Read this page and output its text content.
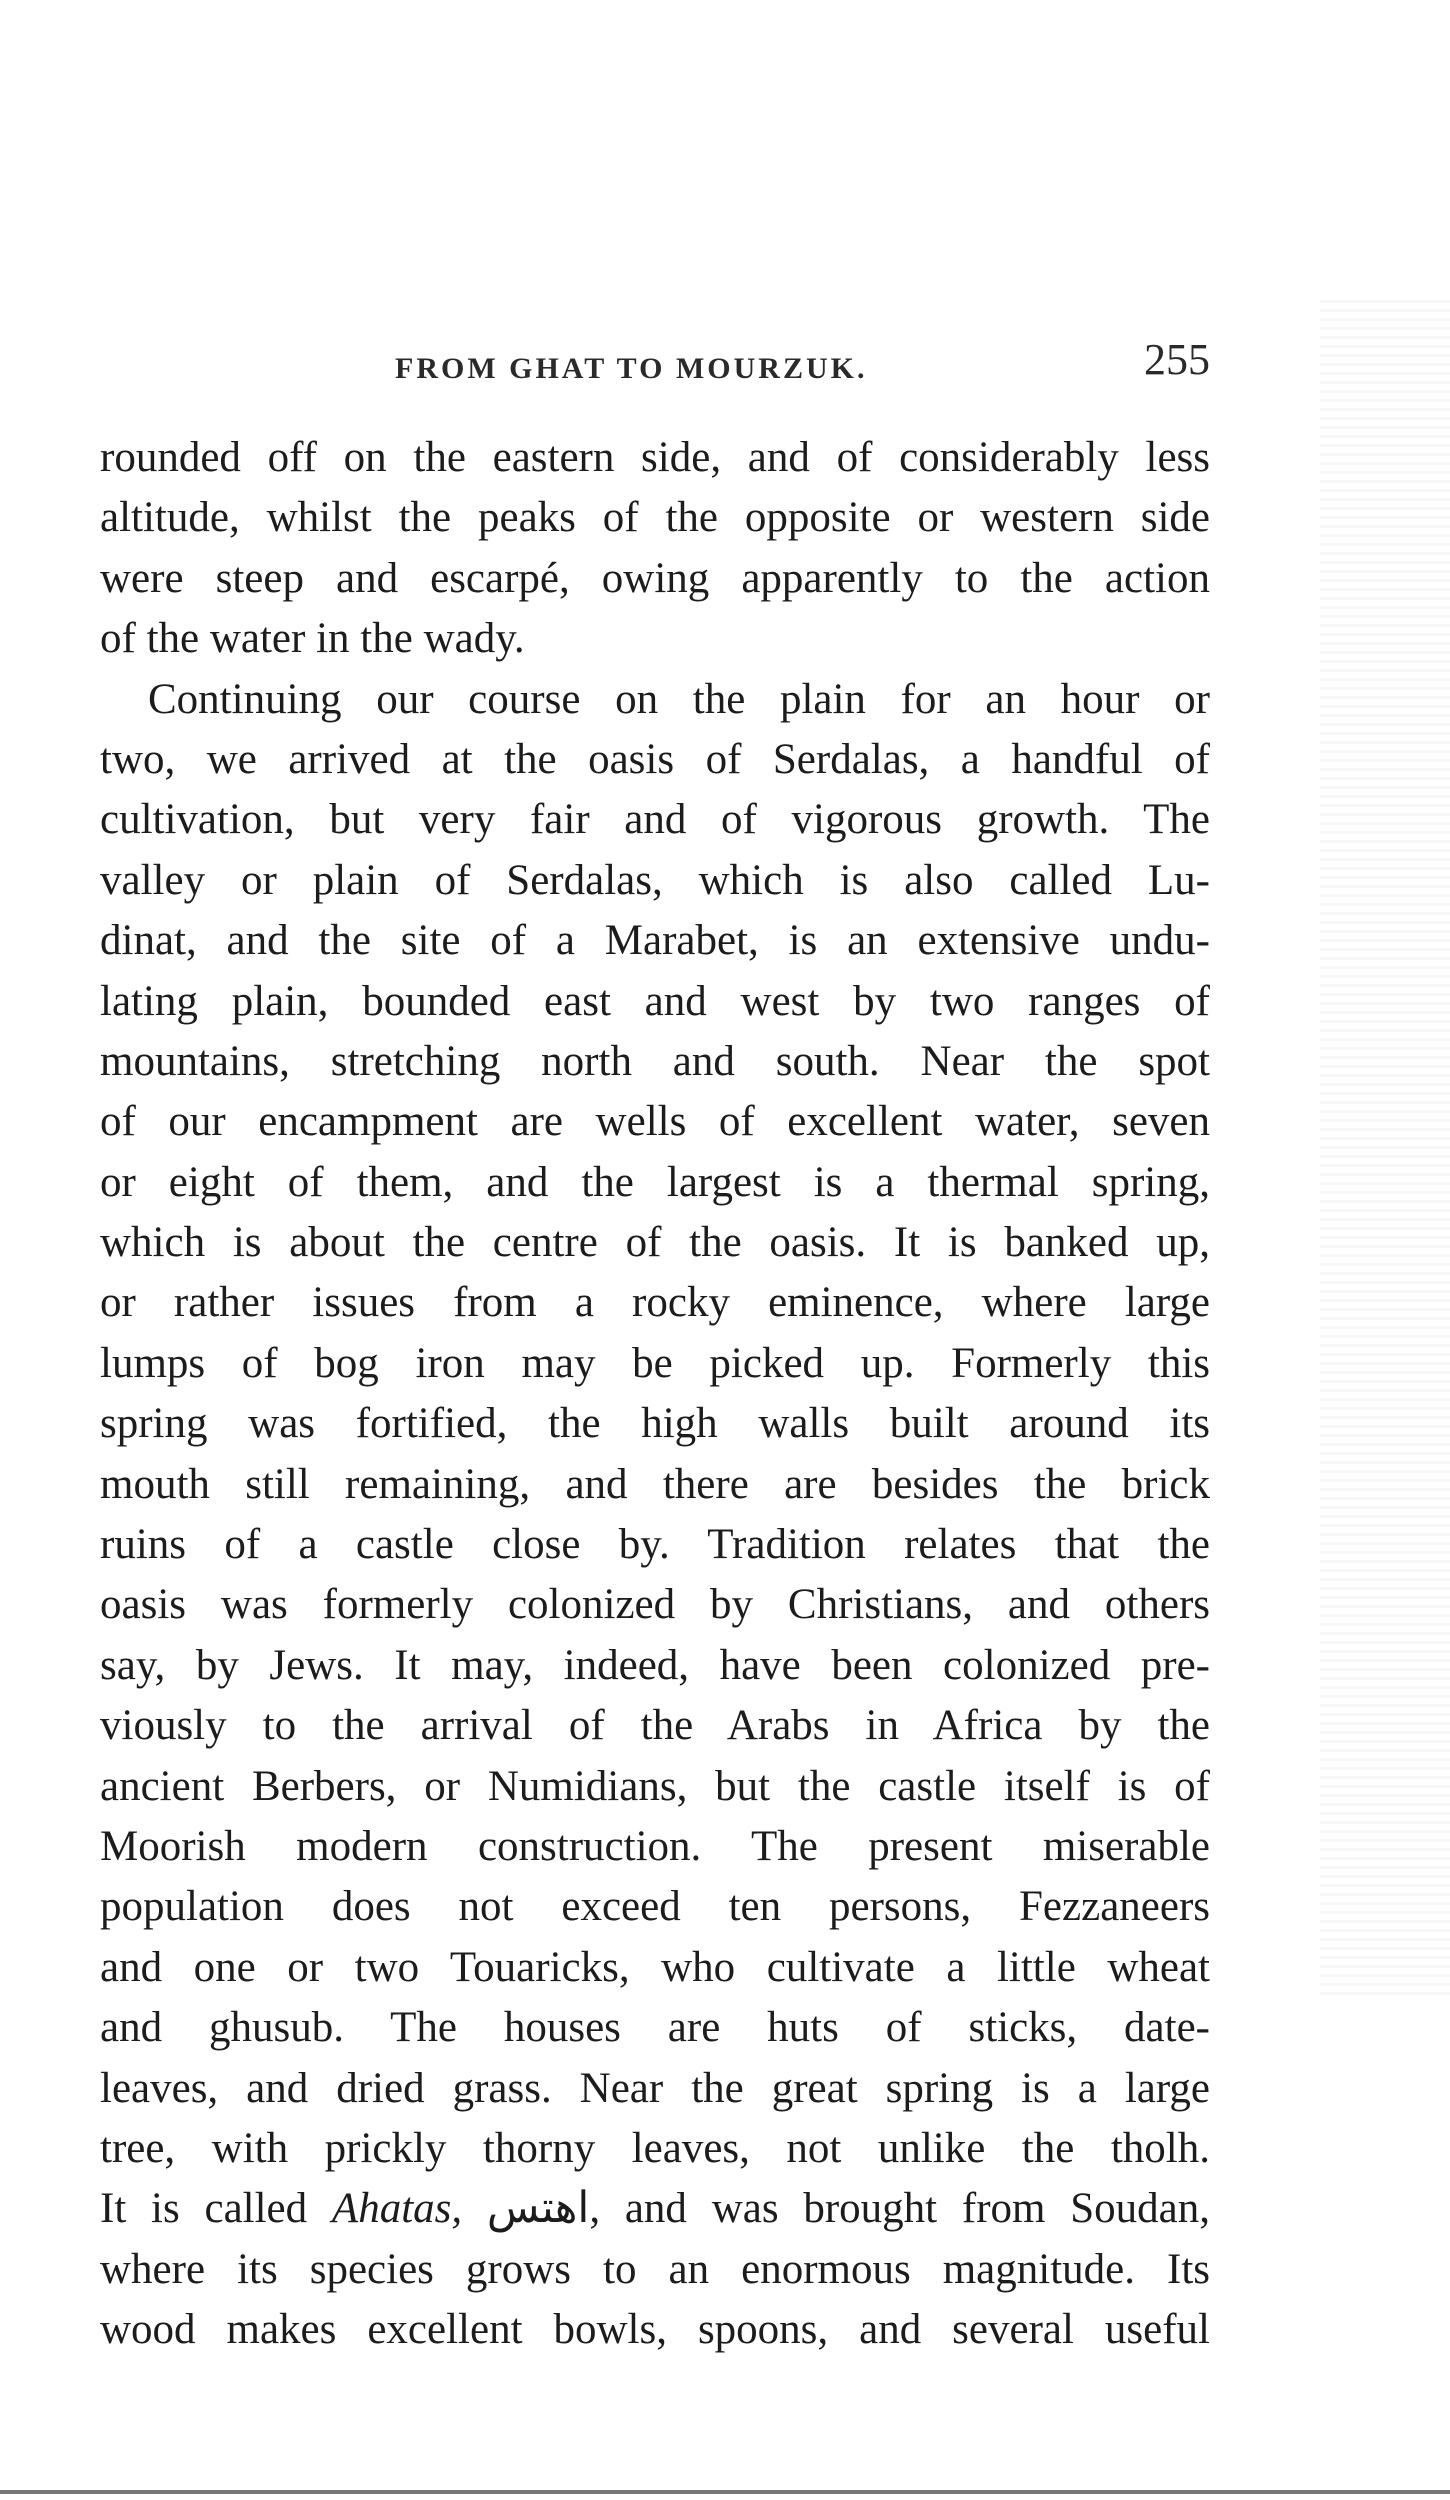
FROM GHAT TO MOURZUK.	255
rounded off on the eastern side, and of considerably less
altitude, whilst the peaks of the opposite or western side
were steep and escarpé, owing apparently to the action
of the water in the wady.
Continuing our course on the plain for an hour or
two, we arrived at the oasis of Serdalas, a handful of
cultivation, but very fair and of vigorous growth. The
valley or plain of Serdalas, which is also called Lu-
dinat, and the site of a Marabet, is an extensive undu-
lating plain, bounded east and west by two ranges of
mountains, stretching north and south. Near the spot
of our encampment are wells of excellent water, seven
or eight of them, and the largest is a thermal spring,
which is about the centre of the oasis. It is banked up,
or rather issues from a rocky eminence, where large
lumps of bog iron may be picked up. Formerly this
spring was fortified, the high walls built around its
mouth still remaining, and there are besides the brick
ruins of a castle close by. Tradition relates that the
oasis was formerly colonized by Christians, and others
say, by Jews. It may, indeed, have been colonized pre-
viously to the arrival of the Arabs in Africa by the
ancient Berbers, or Numidians, but the castle itself is of
Moorish modern construction. The present miserable
population does not exceed ten persons, Fezzaneers
and one or two Touaricks, who cultivate a little wheat
and ghusub. The houses are huts of sticks, date-
leaves, and dried grass. Near the great spring is a large
tree, with prickly thorny leaves, not unlike the tholh.
It is called Ahatas, اهتس, and was brought from Soudan,
where its species grows to an enormous magnitude. Its
wood makes excellent bowls, spoons, and several useful
